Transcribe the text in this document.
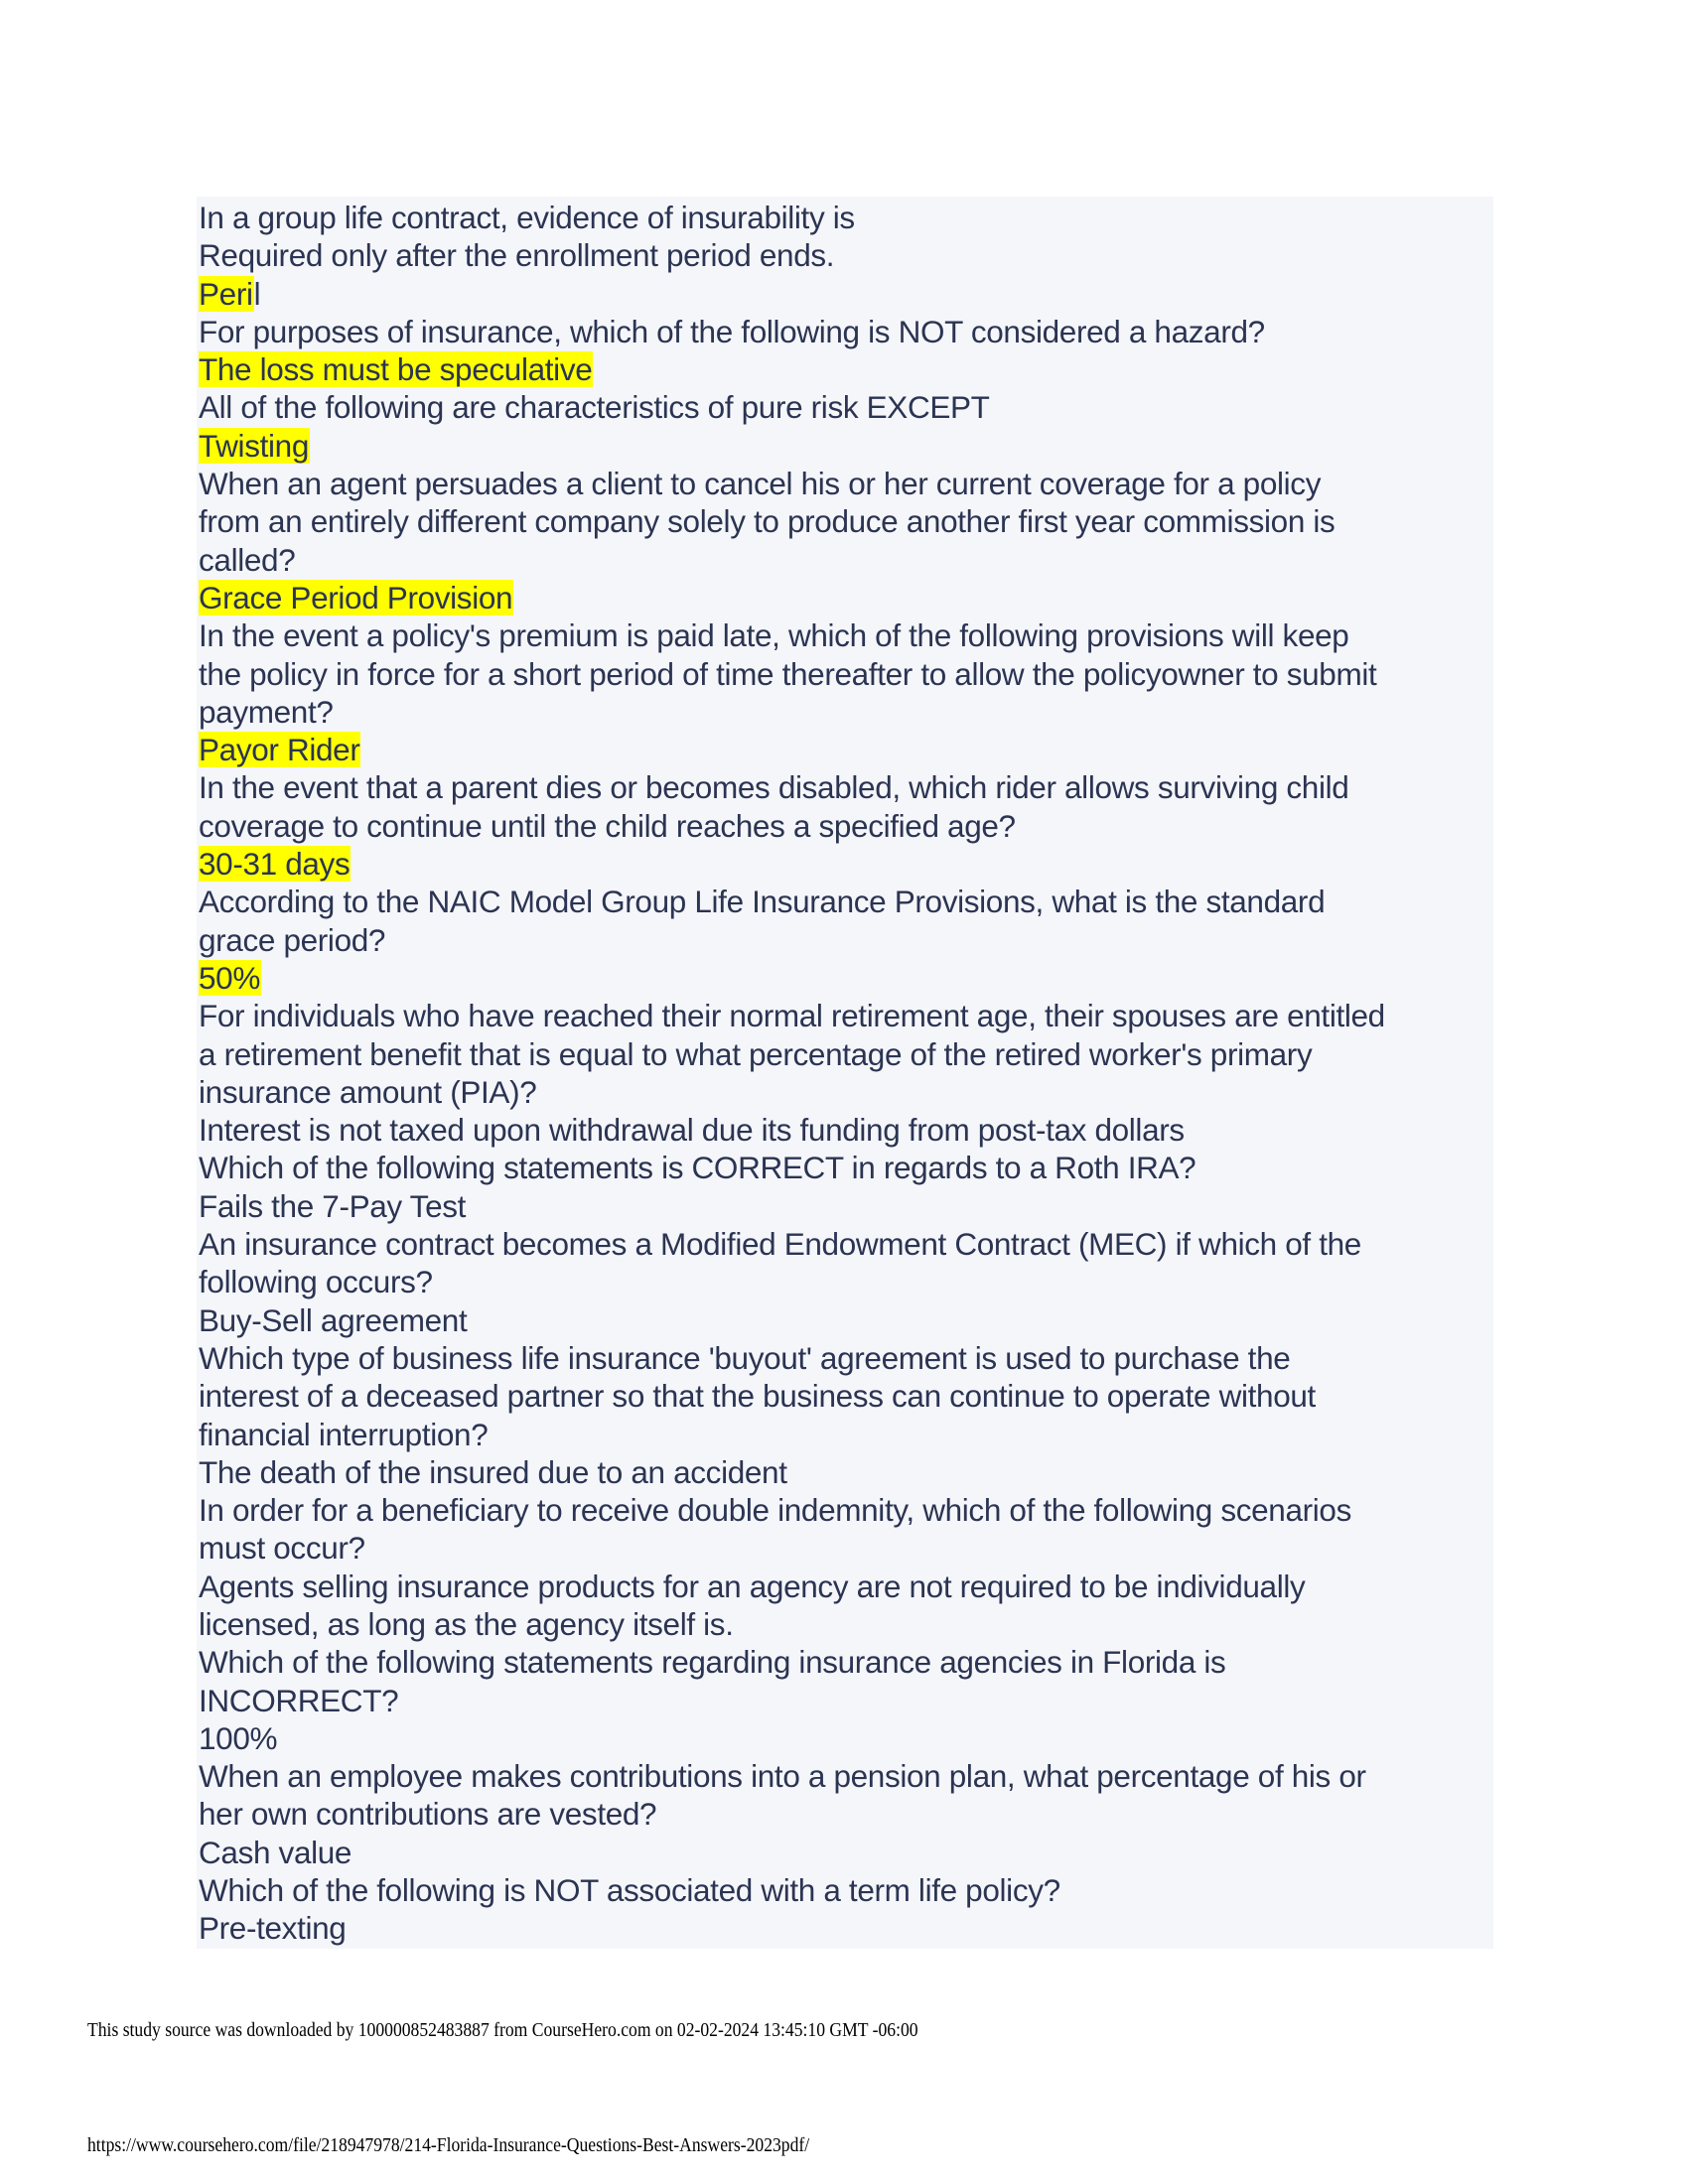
In a group life contract, evidence of insurability is
Required only after the enrollment period ends.
Peril
For purposes of insurance, which of the following is NOT considered a hazard?
The loss must be speculative
All of the following are characteristics of pure risk EXCEPT
Twisting
When an agent persuades a client to cancel his or her current coverage for a policy
from an entirely different company solely to produce another first year commission is
called?
Grace Period Provision
In the event a policy's premium is paid late, which of the following provisions will keep
the policy in force for a short period of time thereafter to allow the policyowner to submit
payment?
Payor Rider
In the event that a parent dies or becomes disabled, which rider allows surviving child
coverage to continue until the child reaches a specified age?
30-31 days
According to the NAIC Model Group Life Insurance Provisions, what is the standard
grace period?
50%
For individuals who have reached their normal retirement age, their spouses are entitled
a retirement benefit that is equal to what percentage of the retired worker's primary
insurance amount (PIA)?
Interest is not taxed upon withdrawal due its funding from post-tax dollars
Which of the following statements is CORRECT in regards to a Roth IRA?
Fails the 7-Pay Test
An insurance contract becomes a Modified Endowment Contract (MEC) if which of the
following occurs?
Buy-Sell agreement
Which type of business life insurance 'buyout' agreement is used to purchase the
interest of a deceased partner so that the business can continue to operate without
financial interruption?
The death of the insured due to an accident
In order for a beneficiary to receive double indemnity, which of the following scenarios
must occur?
Agents selling insurance products for an agency are not required to be individually
licensed, as long as the agency itself is.
Which of the following statements regarding insurance agencies in Florida is
INCORRECT?
100%
When an employee makes contributions into a pension plan, what percentage of his or
her own contributions are vested?
Cash value
Which of the following is NOT associated with a term life policy?
Pre-texting
This study source was downloaded by 100000852483887 from CourseHero.com on 02-02-2024 13:45:10 GMT -06:00
https://www.coursehero.com/file/218947978/214-Florida-Insurance-Questions-Best-Answers-2023pdf/
